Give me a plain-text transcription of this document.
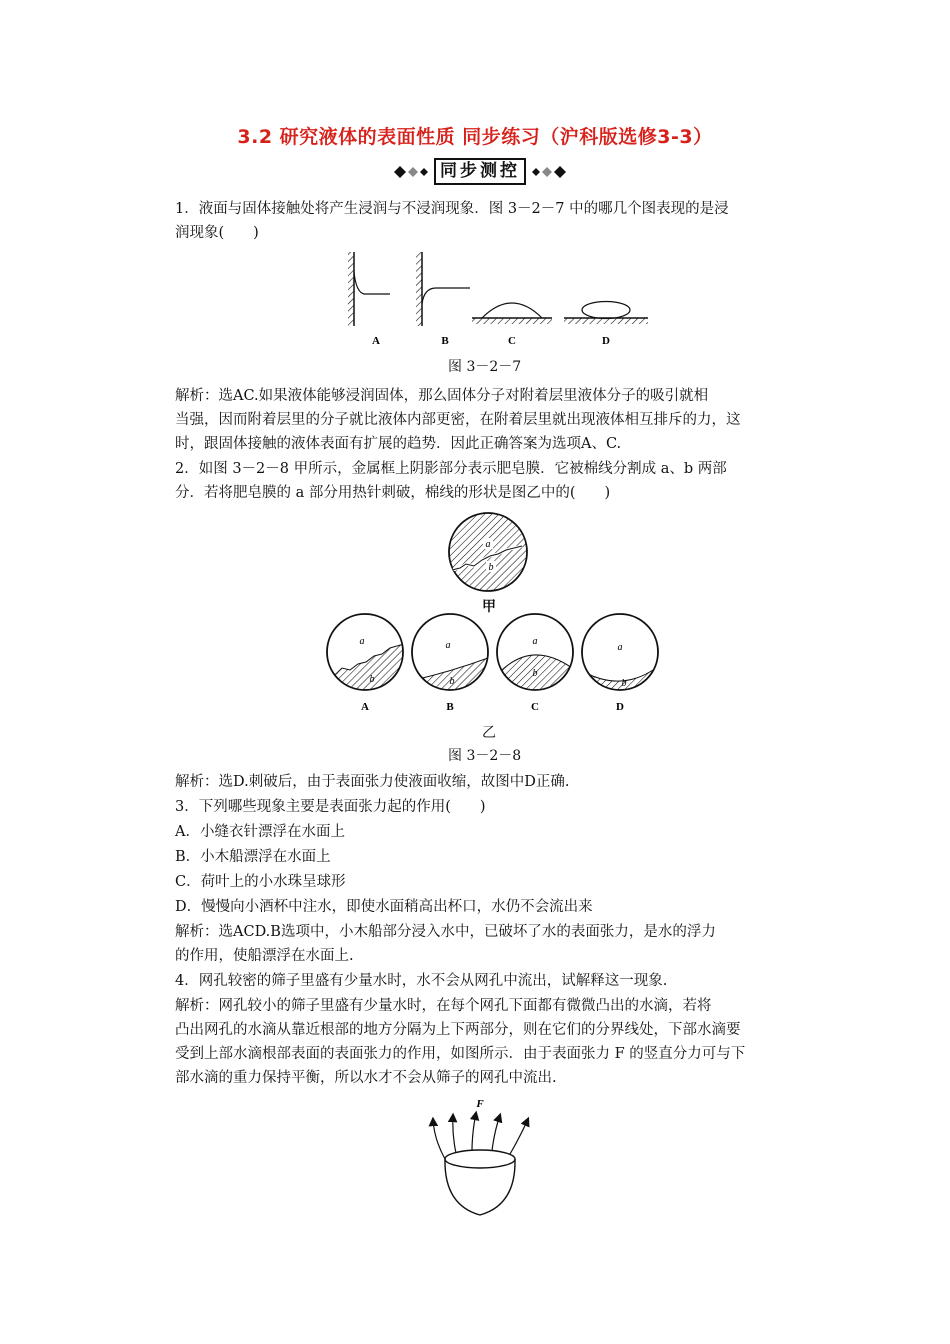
3.2 研究液体的表面性质 同步练习（沪科版选修3-3）
同步测控

1．液面与固体接触处将产生浸润与不浸润现象．图 3－2－7 中的哪几个图表现的是浸

润现象(　　)

A	B	C	D
图 3－2－7

解析：选AC.如果液体能够浸润固体，那么固体分子对附着层里液体分子的吸引就相

当强，因而附着层里的分子就比液体内部更密，在附着层里就出现液体相互排斥的力，这

时，跟固体接触的液体表面有扩展的趋势．因此正确答案为选项A、C.

2．如图 3－2－8 甲所示，金属框上阴影部分表示肥皂膜．它被棉线分割成 a、b 两部

分．若将肥皂膜的 a 部分用热针刺破，棉线的形状是图乙中的(　　)

a
b
甲
a
b
a
b
a
b
a
b
A	B	C	D
乙
图 3－2－8

解析：选D.刺破后，由于表面张力使液面收缩，故图中D正确.

3．下列哪些现象主要是表面张力起的作用(　　)

A．小缝衣针漂浮在水面上

B．小木船漂浮在水面上

C．荷叶上的小水珠呈球形

D．慢慢向小酒杯中注水，即使水面稍高出杯口，水仍不会流出来

解析：选ACD.B选项中，小木船部分浸入水中，已破坏了水的表面张力，是水的浮力

的作用，使船漂浮在水面上.

4．网孔较密的筛子里盛有少量水时，水不会从网孔中流出，试解释这一现象.

解析：网孔较小的筛子里盛有少量水时，在每个网孔下面都有微微凸出的水滴，若将

凸出网孔的水滴从靠近根部的地方分隔为上下两部分，则在它们的分界线处，下部水滴要

受到上部水滴根部表面的表面张力的作用，如图所示．由于表面张力 F 的竖直分力可与下

部水滴的重力保持平衡，所以水才不会从筛子的网孔中流出.

F
